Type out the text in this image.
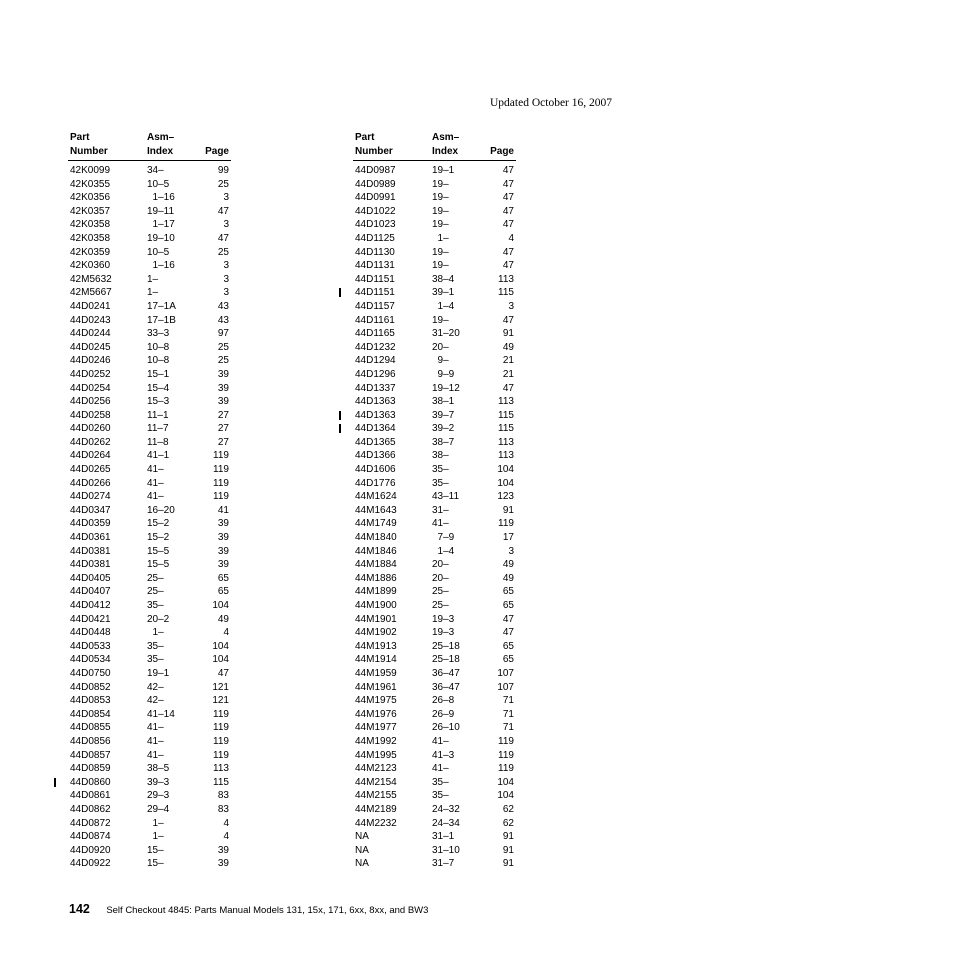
Updated October 16, 2007
Part
Number
Asm–
Index	Page
42K0099	34–	99
42K0355	10–5	25
42K0356	1–16	3
42K0357	19–11	47
42K0358	1–17	3
42K0358	19–10	47
42K0359	10–5	25
42K0360	1–16	3
42M5632	1–	3
42M5667	1–	3
44D0241	17–1A	43
44D0243	17–1B	43
44D0244	33–3	97
44D0245	10–8	25
44D0246	10–8	25
44D0252	15–1	39
44D0254	15–4	39
44D0256	15–3	39
44D0258	11–1	27
44D0260	11–7	27
44D0262	11–8	27
44D0264	41–1	119
44D0265	41–	119
44D0266	41–	119
44D0274	41–	119
44D0347	16–20	41
44D0359	15–2	39
44D0361	15–2	39
44D0381	15–5	39
44D0381	15–5	39
44D0405	25–	65
44D0407	25–	65
44D0412	35–	104
44D0421	20–2	49
44D0448	1–	4
44D0533	35–	104
44D0534	35–	104
44D0750	19–1	47
44D0852	42–	121
44D0853	42–	121
44D0854	41–14	119
44D0855	41–	119
44D0856	41–	119
44D0857	41–	119
44D0859	38–5	113
44D0860	39–3	115
44D0861	29–3	83
44D0862	29–4	83
44D0872	1–	4
44D0874	1–	4
44D0920	15–	39
44D0922	15–	39
Part
Number
Asm–
Index	Page
44D0987	19–1	47
44D0989	19–	47
44D0991	19–	47
44D1022	19–	47
44D1023	19–	47
44D1125	1–	4
44D1130	19–	47
44D1131	19–	47
44D1151	38–4	113
44D1151	39–1	115
44D1157	1–4	3
44D1161	19–	47
44D1165	31–20	91
44D1232	20–	49
44D1294	9–	21
44D1296	9–9	21
44D1337	19–12	47
44D1363	38–1	113
44D1363	39–7	115
44D1364	39–2	115
44D1365	38–7	113
44D1366	38–	113
44D1606	35–	104
44D1776	35–	104
44M1624	43–11	123
44M1643	31–	91
44M1749	41–	119
44M1840	7–9	17
44M1846	1–4	3
44M1884	20–	49
44M1886	20–	49
44M1899	25–	65
44M1900	25–	65
44M1901	19–3	47
44M1902	19–3	47
44M1913	25–18	65
44M1914	25–18	65
44M1959	36–47	107
44M1961	36–47	107
44M1975	26–8	71
44M1976	26–9	71
44M1977	26–10	71
44M1992	41–	119
44M1995	41–3	119
44M2123	41–	119
44M2154	35–	104
44M2155	35–	104
44M2189	24–32	62
44M2232	24–34	62
NA	31–1	91
NA	31–10	91
NA	31–7	91
142 Self Checkout 4845: Parts Manual Models 131, 15x, 171, 6xx, 8xx, and BW3
